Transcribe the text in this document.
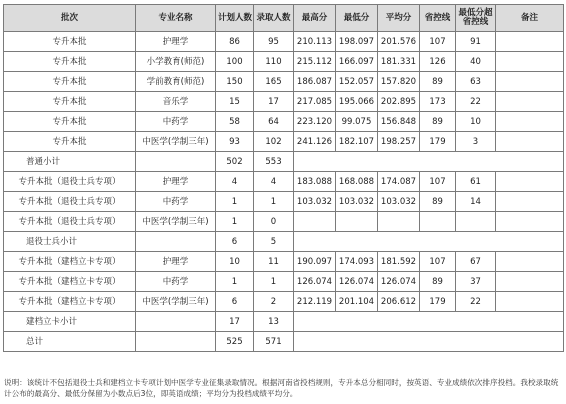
批次	专业名称	计划人数	录取人数	最高分	最低分	平均分	省控线	最低分超省控线	备注
专升本批	护理学	86	95	210.113	198.097	201.576	107	91	
专升本批	小学教育(师范)	100	110	215.112	166.097	181.331	126	40	
专升本批	学前教育(师范)	150	165	186.087	152.057	157.820	89	63	
专升本批	音乐学	15	17	217.085	195.066	202.895	173	22	
专升本批	中药学	58	64	223.120	99.075	156.848	89	10	
专升本批	中医学(学制三年)	93	102	241.126	182.107	198.257	179	3	
普通小计		502	553						
专升本批（退役士兵专项）	护理学	4	4	183.088	168.088	174.087	107	61	
专升本批（退役士兵专项）	中药学	1	1	103.032	103.032	103.032	89	14	
专升本批（退役士兵专项）	中医学(学制三年)	1	0						
退役士兵小计		6	5						
专升本批（建档立卡专项）	护理学	10	11	190.097	174.093	181.592	107	67	
专升本批（建档立卡专项）	中药学	1	1	126.074	126.074	126.074	89	37	
专升本批（建档立卡专项）	中医学(学制三年)	6	2	212.119	201.104	206.612	179	22	
建档立卡小计		17	13						
总计		525	571						

说明：该统计不包括退役士兵和建档立卡专项计划中医学专业征集录取情况。根据河南省投档规则，专升本总分相同时，按英语、专业成绩依次排序投档。我校录取统计公布的最高分、最低分保留为小数点后3位，即英语成绩；平均分为投档成绩平均分。
